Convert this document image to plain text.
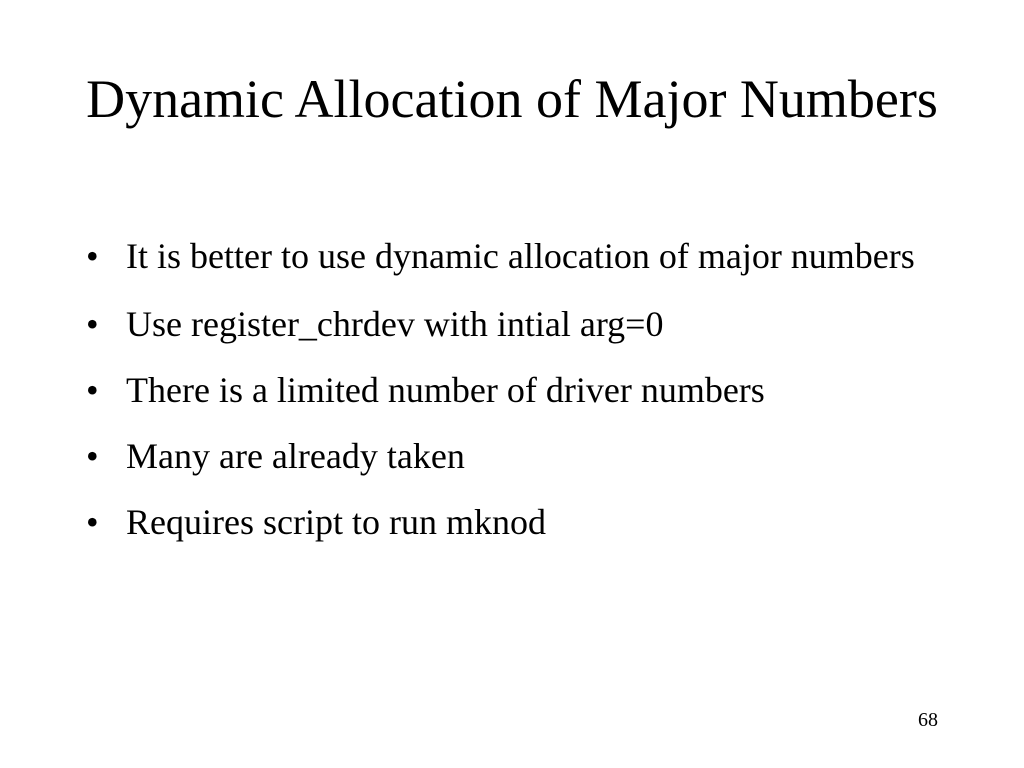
Dynamic Allocation of Major Numbers
• It is better to use dynamic allocation of major numbers
• Use register_chrdev with intial arg=0
• There is a limited number of driver numbers
• Many are already taken
• Requires script to run mknod
68
